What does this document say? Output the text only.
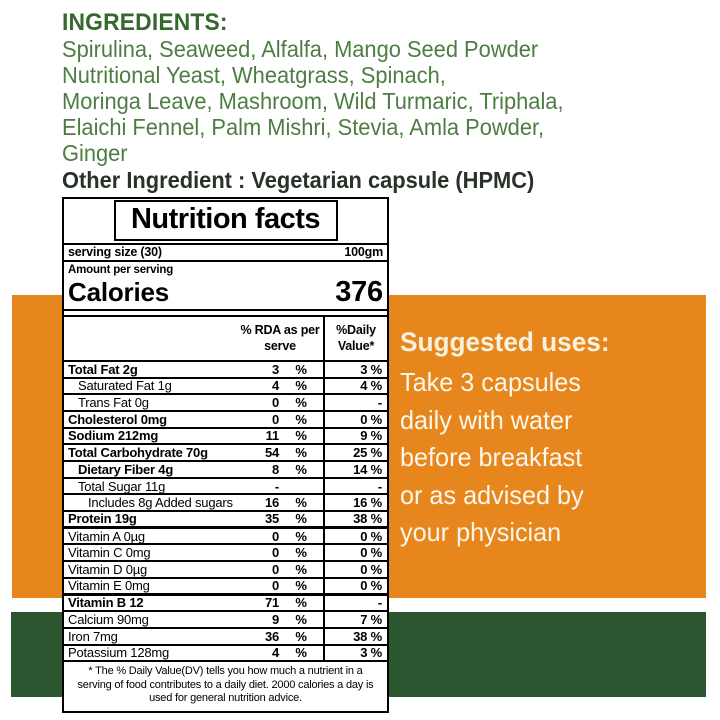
INGREDIENTS:
Spirulina, Seaweed, Alfalfa, Mango Seed Powder
Nutritional Yeast, Wheatgrass, Spinach,
Moringa Leave, Mashroom, Wild Turmaric, Triphala,
Elaichi Fennel, Palm Mishri, Stevia, Amla Powder,
Ginger
Other Ingredient : Vegetarian capsule (HPMC)
Nutrition facts
serving size (30)	100gm
Amount per serving
Calories	376
% RDA as per
serve
%Daily
Value*
Total Fat 2g	3	%	3 %
Saturated Fat 1g	4	%	4 %
Trans Fat 0g	0	%	-
Cholesterol 0mg	0	%	0 %
Sodium 212mg	11	%	9 %
Total Carbohydrate 70g	54	%	25 %
Dietary Fiber 4g	8	%	14 %
Total Sugar 11g	-	-
Includes 8g Added sugars	16	%	16 %
Protein 19g	35	%	38 %
Vitamin A 0µg	0	%	0 %
Vitamin C 0mg	0	%	0 %
Vitamin D 0µg	0	%	0 %
Vitamin E 0mg	0	%	0 %
Vitamin B 12	71	%	-
Calcium 90mg	9	%	7 %
Iron 7mg	36	%	38 %
Potassium 128mg	4	%	3 %
* The % Daily Value(DV) tells you how much a nutrient in a serving of food contributes to a daily diet. 2000 calories a day is used for general nutrition advice.
Suggested uses:
Take 3 capsules
daily with water
before breakfast
or as advised by
your physician
